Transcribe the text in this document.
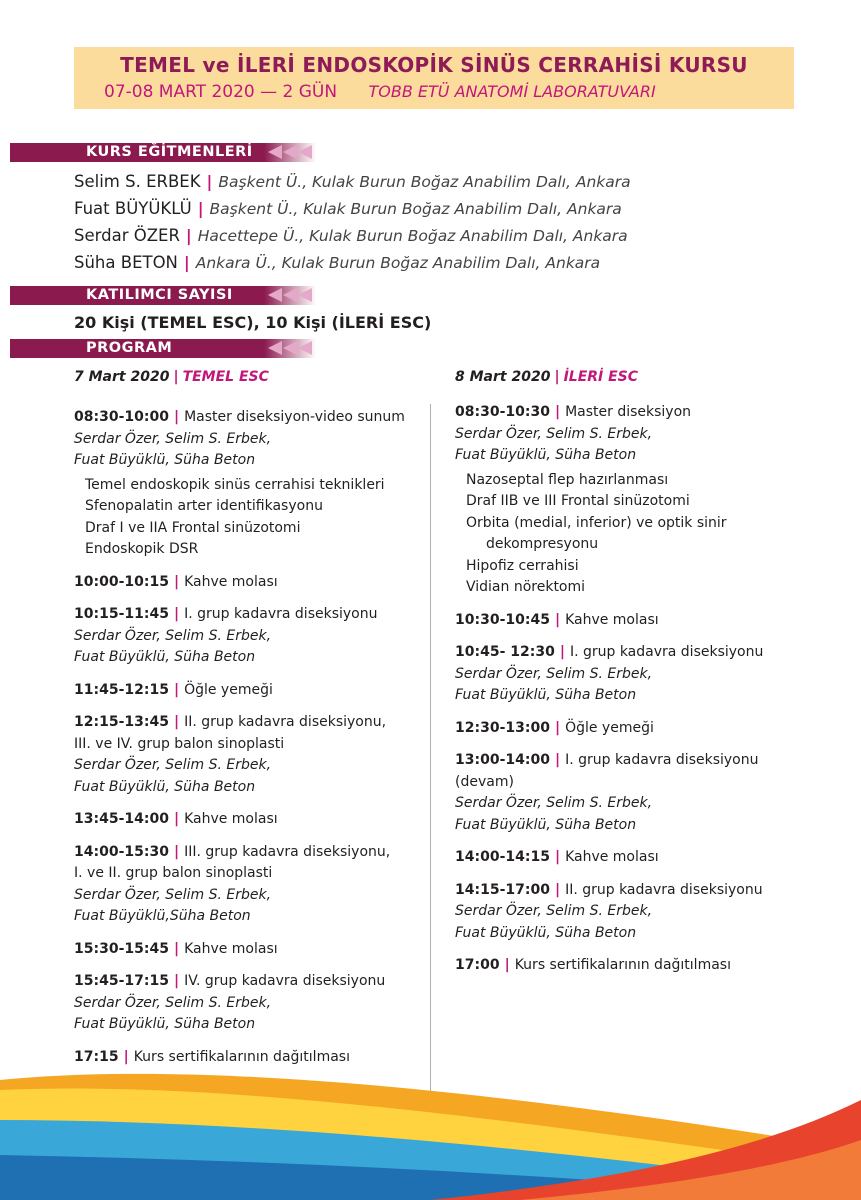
TEMEL ve İLERİ ENDOSKOPİK SİNÜS CERRAHİSİ KURSU
07-08 MART 2020 — 2 GÜN TOBB ETÜ ANATOMİ LABORATUVARI
KURS EĞİTMENLERİ
Selim S. ERBEK | Başkent Ü., Kulak Burun Boğaz Anabilim Dalı, Ankara
Fuat BÜYÜKLÜ | Başkent Ü., Kulak Burun Boğaz Anabilim Dalı, Ankara
Serdar ÖZER | Hacettepe Ü., Kulak Burun Boğaz Anabilim Dalı, Ankara
Süha BETON | Ankara Ü., Kulak Burun Boğaz Anabilim Dalı, Ankara
KATILIMCI SAYISI
20 Kişi (TEMEL ESC), 10 Kişi (İLERİ ESC)
PROGRAM
7 Mart 2020 | TEMEL ESC
08:30-10:00 | Master diseksiyon-video sunum
Serdar Özer, Selim S. Erbek,
Fuat Büyüklü, Süha Beton
Temel endoskopik sinüs cerrahisi teknikleri
Sfenopalatin arter identifikasyonu
Draf I ve IIA Frontal sinüzotomi
Endoskopik DSR
10:00-10:15 | Kahve molası
10:15-11:45 | I. grup kadavra diseksiyonu
Serdar Özer, Selim S. Erbek,
Fuat Büyüklü, Süha Beton
11:45-12:15 | Öğle yemeği
12:15-13:45 | II. grup kadavra diseksiyonu,
III. ve IV. grup balon sinoplasti
Serdar Özer, Selim S. Erbek,
Fuat Büyüklü, Süha Beton
13:45-14:00 | Kahve molası
14:00-15:30 | III. grup kadavra diseksiyonu,
I. ve II. grup balon sinoplasti
Serdar Özer, Selim S. Erbek,
Fuat Büyüklü,Süha Beton
15:30-15:45 | Kahve molası
15:45-17:15 | IV. grup kadavra diseksiyonu
Serdar Özer, Selim S. Erbek,
Fuat Büyüklü, Süha Beton
17:15 | Kurs sertifikalarının dağıtılması
8 Mart 2020 | İLERİ ESC
08:30-10:30 | Master diseksiyon
Serdar Özer, Selim S. Erbek,
Fuat Büyüklü, Süha Beton
Nazoseptal flep hazırlanması
Draf IIB ve III Frontal sinüzotomi
Orbita (medial, inferior) ve optik sinir
dekompresyonu
Hipofiz cerrahisi
Vidian nörektomi
10:30-10:45 | Kahve molası
10:45- 12:30 | I. grup kadavra diseksiyonu
Serdar Özer, Selim S. Erbek,
Fuat Büyüklü, Süha Beton
12:30-13:00 | Öğle yemeği
13:00-14:00 | I. grup kadavra diseksiyonu
(devam)
Serdar Özer, Selim S. Erbek,
Fuat Büyüklü, Süha Beton
14:00-14:15 | Kahve molası
14:15-17:00 | II. grup kadavra diseksiyonu
Serdar Özer, Selim S. Erbek,
Fuat Büyüklü, Süha Beton
17:00 | Kurs sertifikalarının dağıtılması
